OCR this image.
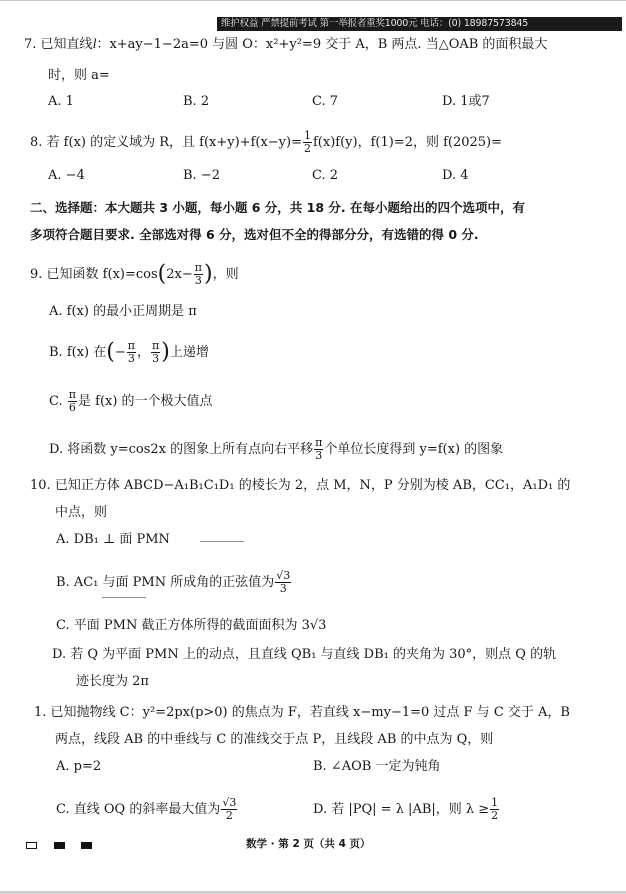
维护权益 严禁提前考试 第一举报者重奖1000元 电话：(0) 18987573845
7. 已知直线l：x+ay−1−2a=0 与圆 O：x²+y²=9 交于 A，B 两点. 当△OAB 的面积最大
时，则 a=
A. 1	B. 2	C. 7	D. 1或7
8. 若 f(x) 的定义域为 R，且 $f(x+y)+f(x-y)= \frac{1}{2} f(x)f(y)$，f(1)=2，则 f(2025)=
A. −4	B. −2	C. 2	D. 4
二、选择题：本大题共 3 小题，每小题 6 分，共 18 分. 在每小题给出的四个选项中，有
多项符合题目要求. 全部选对得 6 分，选对但不全的得部分分，有选错的得 0 分.
9. 已知函数 $f(x)=\cos(2x- \frac{\pi}{3}$ )，则
A. f(x) 的最小正周期是 π
B. f(x) 在(− $\frac{\pi}{3}$ ， $\frac{\pi}{3}$ )上递增
C. $\frac{\pi}{6}$ 是 f(x) 的一个极大值点
D. 将函数 y=cos2x 的图象上所有点向右平移 $\frac{\pi}{3}$ 个单位长度得到 y=f(x) 的图象
10. 已知正方体 ABCD−A₁B₁C₁D₁ 的棱长为 2，点 M，N，P 分别为棱 AB，CC₁，A₁D₁ 的
中点，则
A. DB₁ ⊥ 面 PMN
B. AC₁ 与面 PMN 所成角的正弦值为 $\frac{√3}{3}$
C. 平面 PMN 截正方体所得的截面面积为 3√3
D. 若 Q 为平面 PMN 上的动点，且直线 QB₁ 与直线 DB₁ 的夹角为 30°，则点 Q 的轨
迹长度为 2π
1. 已知抛物线 C：y²=2px(p>0) 的焦点为 F，若直线 x−my−1=0 过点 F 与 C 交于 A，B
两点，线段 AB 的中垂线与 C 的准线交于点 P，且线段 AB 的中点为 Q，则
A. p=2	B. ∠AOB 一定为钝角
C. 直线 OQ 的斜率最大值为 $\frac{√3}{2}$	D. 若 |PQ| = λ |AB|，则 $\lambda \ge \frac{1}{2}$
数学 · 第 2 页（共 4 页）
